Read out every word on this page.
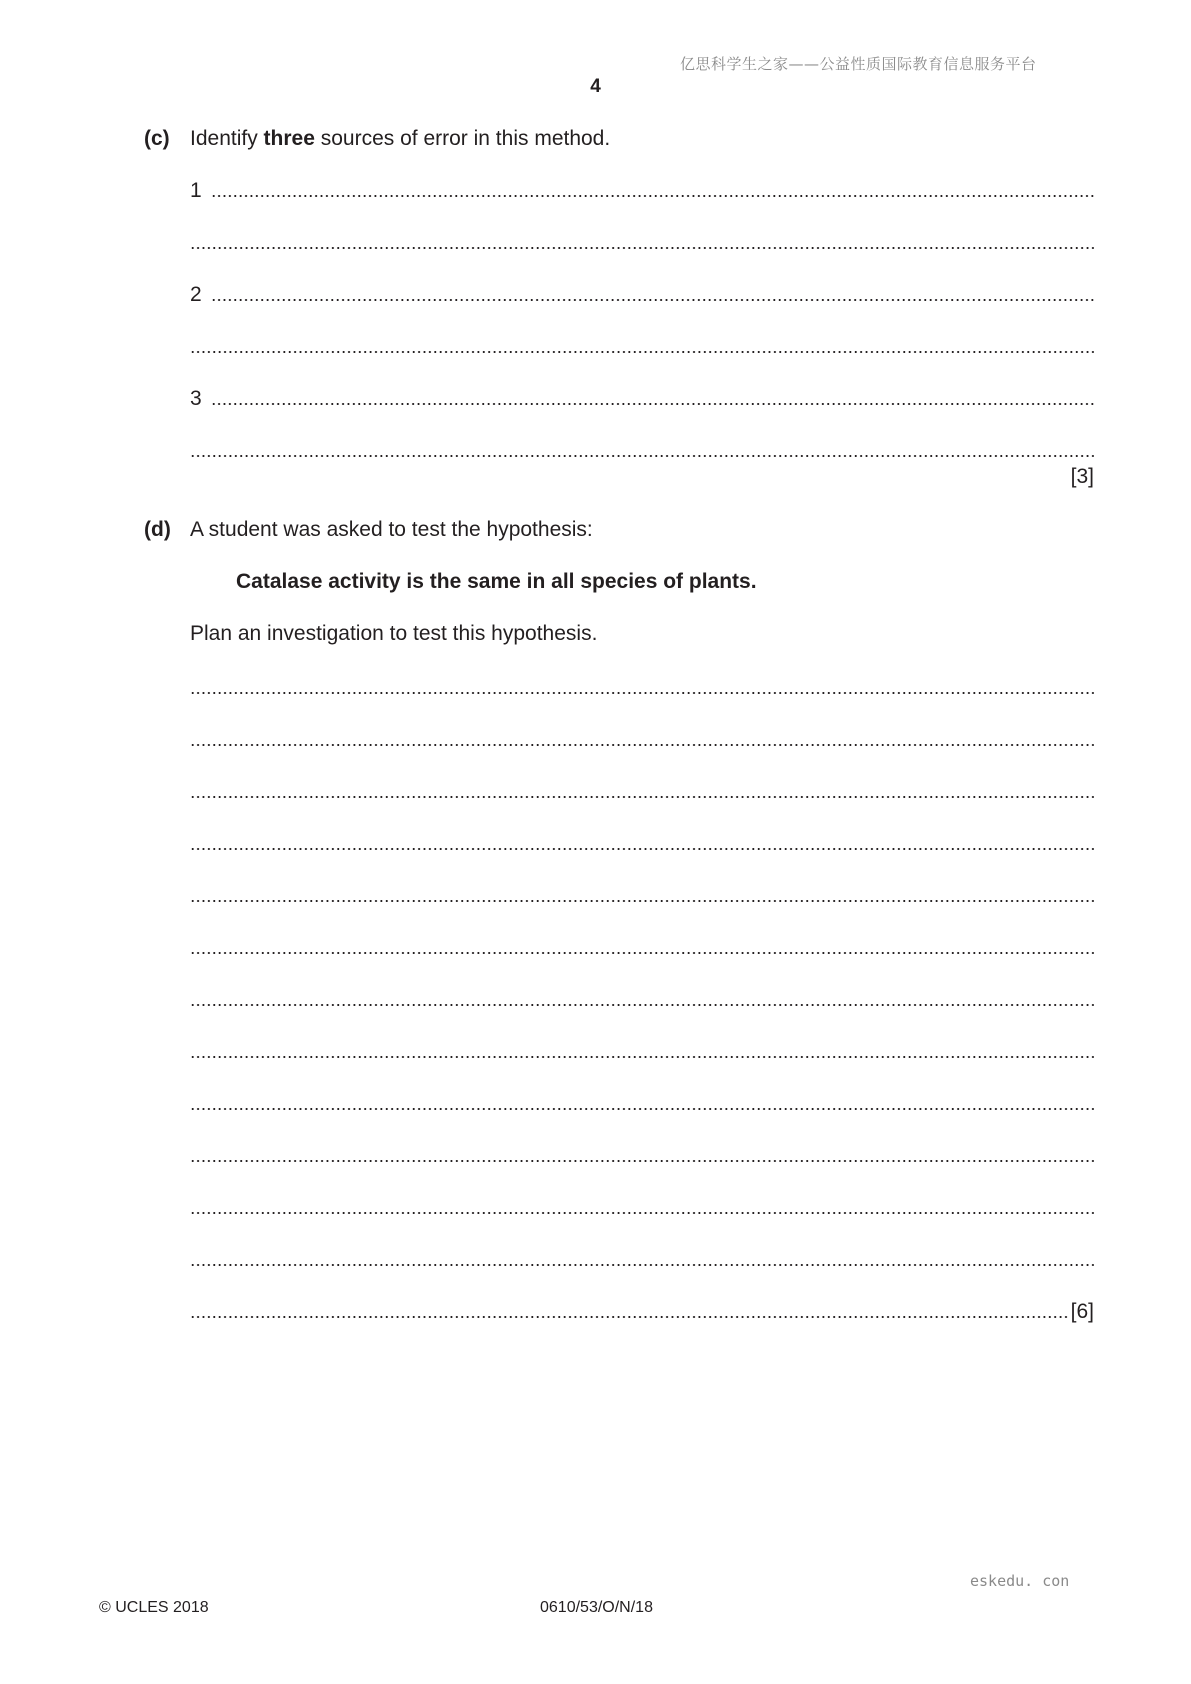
亿思科学生之家——公益性质国际教育信息服务平台
4
(c) Identify three sources of error in this method.
1
2
3
[3]
(d) A student was asked to test the hypothesis:
Catalase activity is the same in all species of plants.
Plan an investigation to test this hypothesis.
[6]
eskedu. con
© UCLES 2018	0610/53/O/N/18
